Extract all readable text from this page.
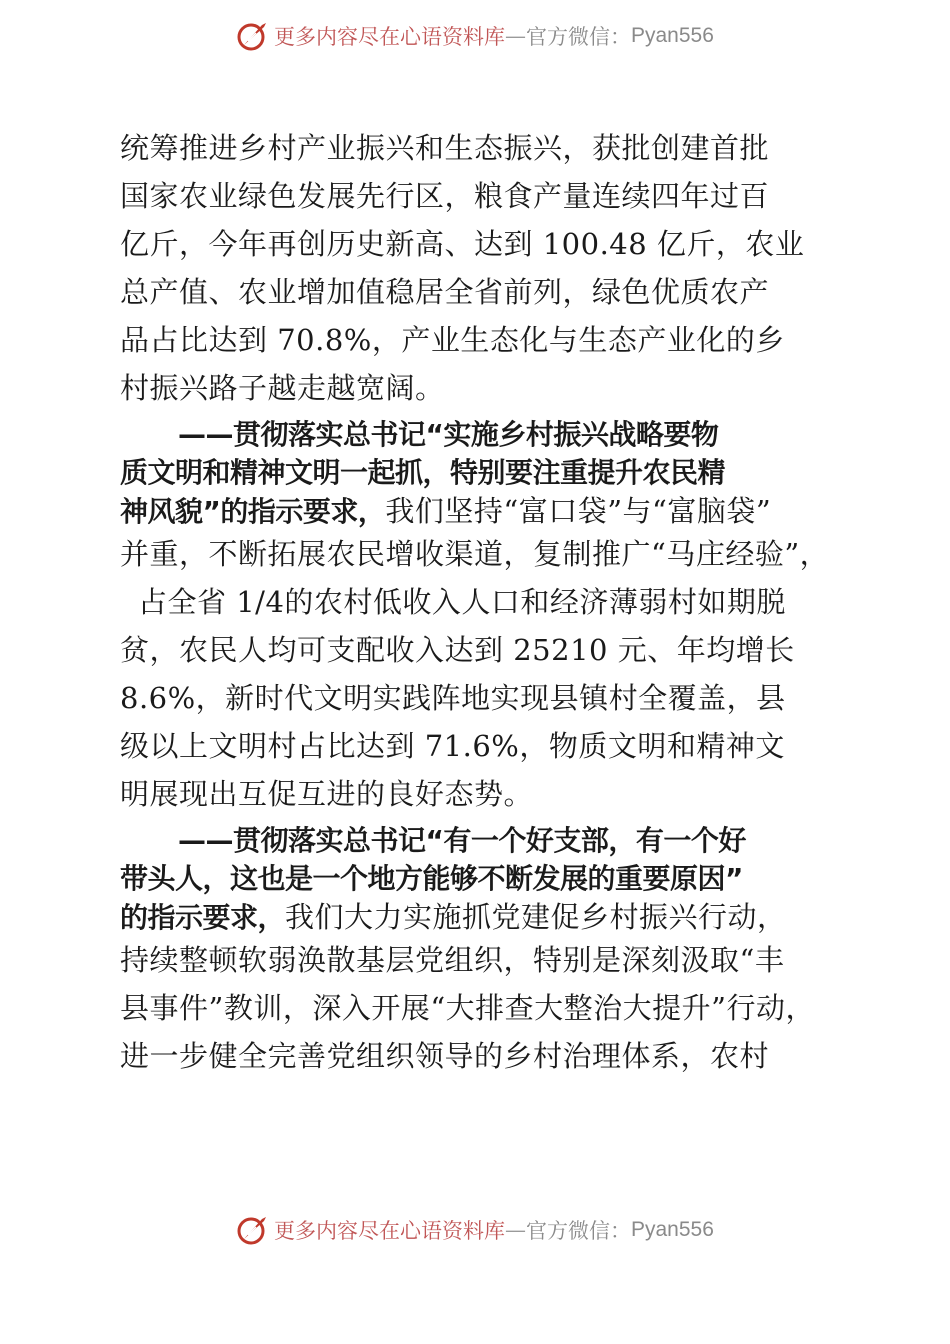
更多内容尽在心语资料库 — 官方微信： Pyan556
统筹推进乡村产业振兴和生态振兴，获批创建首批
国家农业绿色发展先行区，粮食产量连续四年过百
亿斤，今年再创历史新高、达到 100.48 亿斤，农业
总产值、农业增加值稳居全省前列，绿色优质农产
品占比达到 70.8%，产业生态化与生态产业化的乡
村振兴路子越走越宽阔。
——贯彻落实总书记“实施乡村振兴战略要物
质文明和精神文明一起抓，特别要注重提升农民精
神风貌”的指示要求，我们坚持“富口袋”与“富脑袋”
并重，不断拓展农民增收渠道，复制推广“马庄经验”，
占全省 1/4的农村低收入人口和经济薄弱村如期脱
贫，农民人均可支配收入达到 25210 元、年均增长
8.6%，新时代文明实践阵地实现县镇村全覆盖，县
级以上文明村占比达到 71.6%，物质文明和精神文
明展现出互促互进的良好态势。
——贯彻落实总书记“有一个好支部，有一个好
带头人，这也是一个地方能够不断发展的重要原因”
的指示要求，我们大力实施抓党建促乡村振兴行动，
持续整顿软弱涣散基层党组织，特别是深刻汲取“丰
县事件”教训，深入开展“大排查大整治大提升”行动，
进一步健全完善党组织领导的乡村治理体系，农村
更多内容尽在心语资料库 — 官方微信： Pyan556
